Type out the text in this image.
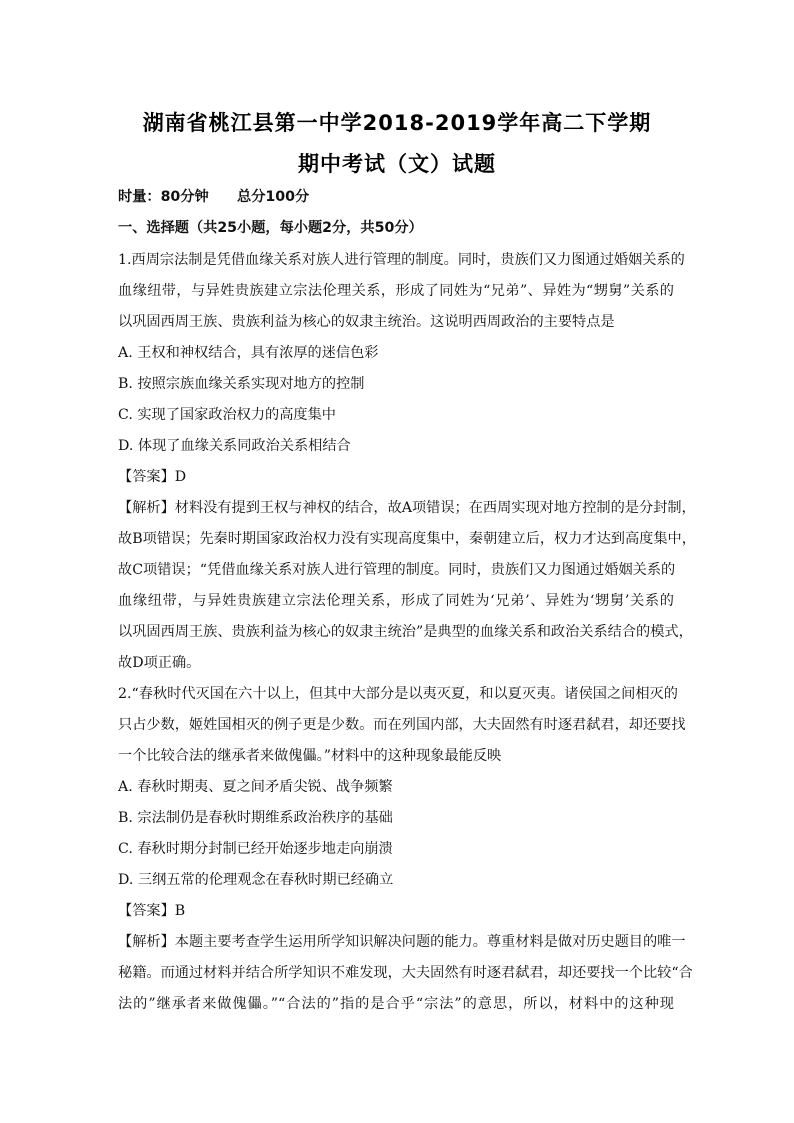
湖南省桃江县第一中学2018-2019学年高二下学期
期中考试（文）试题
时量：80分钟　　总分100分
一、选择题（共25小题，每小题2分，共50分）
1.西周宗法制是凭借血缘关系对族人进行管理的制度。同时，贵族们又力图通过婚姻关系的
血缘纽带，与异姓贵族建立宗法伦理关系，形成了同姓为“兄弟”、异姓为“甥舅”关系的
以巩固西周王族、贵族利益为核心的奴隶主统治。这说明西周政治的主要特点是
A. 王权和神权结合，具有浓厚的迷信色彩
B. 按照宗族血缘关系实现对地方的控制
C. 实现了国家政治权力的高度集中
D. 体现了血缘关系同政治关系相结合
【答案】D
【解析】材料没有提到王权与神权的结合，故A项错误；在西周实现对地方控制的是分封制，
故B项错误；先秦时期国家政治权力没有实现高度集中，秦朝建立后，权力才达到高度集中，
故C项错误；“凭借血缘关系对族人进行管理的制度。同时，贵族们又力图通过婚姻关系的
血缘纽带，与异姓贵族建立宗法伦理关系，形成了同姓为‘兄弟’、异姓为‘甥舅’关系的
以巩固西周王族、贵族利益为核心的奴隶主统治”是典型的血缘关系和政治关系结合的模式，
故D项正确。
2.“春秋时代灭国在六十以上，但其中大部分是以夷灭夏，和以夏灭夷。诸侯国之间相灭的
只占少数，姬姓国相灭的例子更是少数。而在列国内部，大夫固然有时逐君弑君，却还要找
一个比较合法的继承者来做傀儡。”材料中的这种现象最能反映
A. 春秋时期夷、夏之间矛盾尖锐、战争频繁
B. 宗法制仍是春秋时期维系政治秩序的基础
C. 春秋时期分封制已经开始逐步地走向崩溃
D. 三纲五常的伦理观念在春秋时期已经确立
【答案】B
【解析】本题主要考查学生运用所学知识解决问题的能力。尊重材料是做对历史题目的唯一
秘籍。而通过材料并结合所学知识不难发现，大夫固然有时逐君弑君，却还要找一个比较“合
法的”继承者来做傀儡。”“合法的”指的是合乎“宗法”的意思，所以，材料中的这种现
